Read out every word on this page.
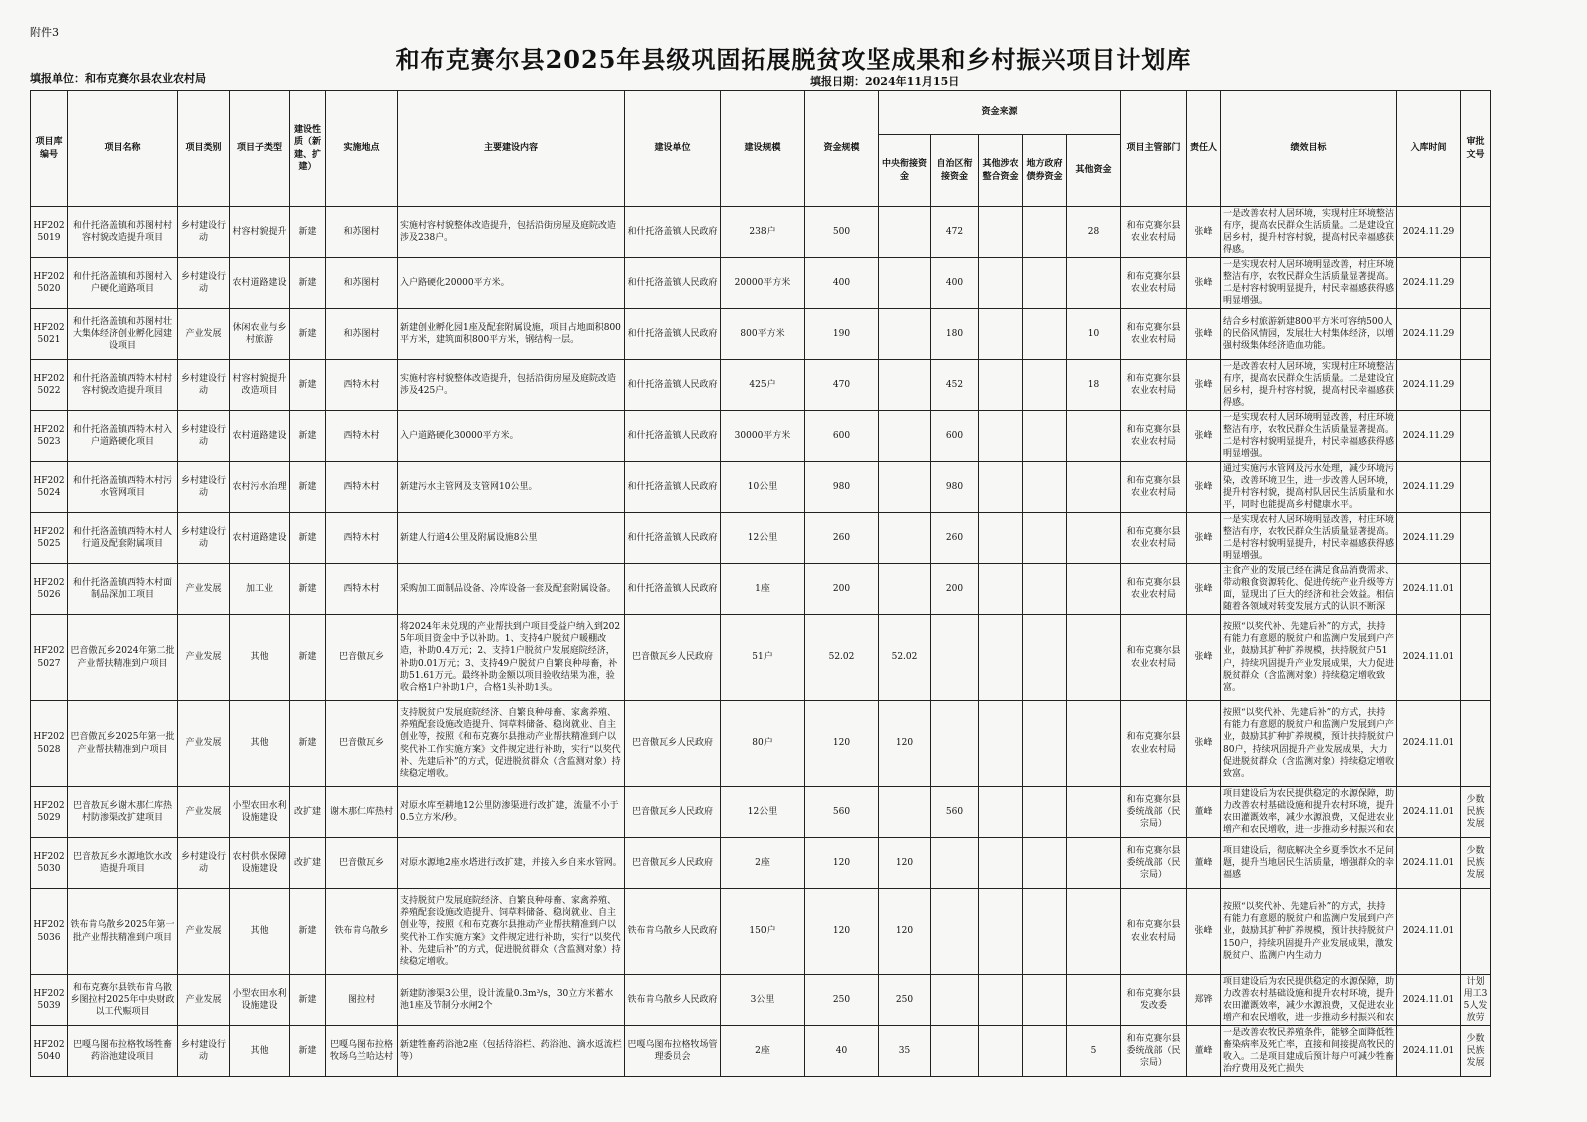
附件3
和布克赛尔县2025年县级巩固拓展脱贫攻坚成果和乡村振兴项目计划库
填报单位：和布克赛尔县农业农村局	填报日期：2024年11月15日
项目库编号	项目名称	项目类别	项目子类型	建设性质（新建、扩建）	实施地点	主要建设内容	建设单位	建设规模	资金规模	资金来源					项目主管部门	责任人	绩效目标	入库时间	审批文号
										中央衔接资金	自治区衔接资金	其他涉农整合资金	地方政府债券资金	其他资金					

HF2025019	和什托洛盖镇和苏图村村容村貌改造提升项目	乡村建设行动	村容村貌提升	新建	和苏图村	实施村容村貌整体改造提升，包括沿街房屋及庭院改造涉及238户。	和什托洛盖镇人民政府	238户	500		472			28	和布克赛尔县农业农村局	张峰	一是改善农村人居环境，实现村庄环境整洁有序，提高农民群众生活质量。二是建设宜居乡村，提升村容村貌，提高村民幸福感获得感。	2024.11.29	

HF2025020	和什托洛盖镇和苏图村入户硬化道路项目	乡村建设行动	农村道路建设	新建	和苏图村	入户路硬化20000平方米。	和什托洛盖镇人民政府	20000平方米	400		400				和布克赛尔县农业农村局	张峰	一是实现农村人居环境明显改善，村庄环境整洁有序，农牧民群众生活质量显著提高。二是村容村貌明显提升，村民幸福感获得感明显增强。	2024.11.29	

HF2025021	和什托洛盖镇和苏图村壮大集体经济创业孵化园建设项目	产业发展	休闲农业与乡村旅游	新建	和苏图村	新建创业孵化园1座及配套附属设施，项目占地面积800平方米，建筑面积800平方米，钢结构一层。	和什托洛盖镇人民政府	800平方米	190		180			10	和布克赛尔县农业农村局	张峰	结合乡村旅游新建800平方米可容纳500人的民俗风情园，发展壮大村集体经济，以增强村级集体经济造血功能。	2024.11.29	

HF2025022	和什托洛盖镇西特木村村容村貌改造提升项目	乡村建设行动	村容村貌提升改造项目	新建	西特木村	实施村容村貌整体改造提升，包括沿街房屋及庭院改造涉及425户。	和什托洛盖镇人民政府	425户	470		452			18	和布克赛尔县农业农村局	张峰	一是改善农村人居环境，实现村庄环境整洁有序，提高农民群众生活质量。二是建设宜居乡村，提升村容村貌，提高村民幸福感获得感。	2024.11.29	

HF2025023	和什托洛盖镇西特木村入户道路硬化项目	乡村建设行动	农村道路建设	新建	西特木村	入户道路硬化30000平方米。	和什托洛盖镇人民政府	30000平方米	600		600				和布克赛尔县农业农村局	张峰	一是实现农村人居环境明显改善，村庄环境整洁有序，农牧民群众生活质量显著提高。二是村容村貌明显提升，村民幸福感获得感明显增强。	2024.11.29	

HF2025024	和什托洛盖镇西特木村污水管网项目	乡村建设行动	农村污水治理	新建	西特木村	新建污水主管网及支管网10公里。	和什托洛盖镇人民政府	10公里	980		980				和布克赛尔县农业农村局	张峰	通过实施污水管网及污水处理，减少环境污染，改善环境卫生，进一步改善人居环境，提升村容村貌，提高村队居民生活质量和水平，同时也能提高乡村健康水平。	2024.11.29	

HF2025025	和什托洛盖镇西特木村人行道及配套附属项目	乡村建设行动	农村道路建设	新建	西特木村	新建人行道4公里及附属设施8公里	和什托洛盖镇人民政府	12公里	260		260				和布克赛尔县农业农村局	张峰	一是实现农村人居环境明显改善，村庄环境整洁有序，农牧民群众生活质量显著提高。二是村容村貌明显提升，村民幸福感获得感明显增强。	2024.11.29	

HF2025026	和什托洛盖镇西特木村面制品深加工项目	产业发展	加工业	新建	西特木村	采购加工面制品设备、冷库设备一套及配套附属设备。	和什托洛盖镇人民政府	1座	200		200				和布克赛尔县农业农村局	张峰	主食产业的发展已经在满足食品消费需求、带动粮食资源转化、促进传统产业升级等方面，显现出了巨大的经济和社会效益。相信随着各领域对转变发展方式的认识不断深	2024.11.01	

HF2025027	巴音傲瓦乡2024年第二批产业帮扶精准到户项目	产业发展	其他	新建	巴音傲瓦乡	将2024年未兑现的产业帮扶到户项目受益户纳入到2025年项目资金中予以补助。1、支持4户脱贫户暖棚改造，补助0.4万元；2、支持1户脱贫户发展庭院经济，补助0.01万元；3、支持49户脱贫户自繁良种母畜，补助51.61万元。最终补助金额以项目验收结果为准，验收合格1户补助1户，合格1头补助1头。	巴音傲瓦乡人民政府	51户	52.02	52.02					和布克赛尔县农业农村局	张峰	按照“以奖代补、先建后补”的方式，扶持有能力有意愿的脱贫户和监测户发展到户产业，鼓励其扩种扩养规模，扶持脱贫户51户，持续巩固提升产业发展成果，大力促进脱贫群众（含监测对象）持续稳定增收致富。	2024.11.01	

HF2025028	巴音傲瓦乡2025年第一批产业帮扶精准到户项目	产业发展	其他	新建	巴音傲瓦乡	支持脱贫户发展庭院经济、自繁良种母畜、家禽养殖、养殖配套设施改造提升、饲草料储备、稳岗就业、自主创业等，按照《和布克赛尔县推动产业帮扶精准到户以奖代补工作实施方案》文件规定进行补助，实行“以奖代补、先建后补”的方式，促进脱贫群众（含监测对象）持续稳定增收。	巴音傲瓦乡人民政府	80户	120	120					和布克赛尔县农业农村局	张峰	按照“以奖代补、先建后补”的方式，扶持有能力有意愿的脱贫户和监测户发展到户产业，鼓励其扩种扩养规模，预计扶持脱贫户80户，持续巩固提升产业发展成果，大力促进脱贫群众（含监测对象）持续稳定增收致富。	2024.11.01	

HF2025029	巴音敖瓦乡谢木那仁库热村防渗渠改扩建项目	产业发展	小型农田水利设施建设	改扩建	谢木那仁库热村	对原水库至耕地12公里防渗渠进行改扩建，流量不小于0.5立方米/秒。	巴音傲瓦乡人民政府	12公里	560		560				和布克赛尔县委统战部（民宗局）	董峰	项目建设后为农民提供稳定的水源保障，助力改善农村基础设施和提升农村环境，提升农田灌溉效率，减少水源浪费，又促进农业增产和农民增收，进一步推动乡村振兴和农	2024.11.01	少数民族发展

HF2025030	巴音敖瓦乡水源地饮水改造提升项目	乡村建设行动	农村供水保障设施建设	改扩建	巴音傲瓦乡	对原水源地2座水塔进行改扩建，并接入乡自来水管网。	巴音傲瓦乡人民政府	2座	120	120					和布克赛尔县委统战部（民宗局）	董峰	项目建设后，彻底解决全乡夏季饮水不足问题，提升当地居民生活质量，增强群众的幸福感	2024.11.01	少数民族发展

HF2025036	铁布肯乌散乡2025年第一批产业帮扶精准到户项目	产业发展	其他	新建	铁布肯乌散乡	支持脱贫户发展庭院经济、自繁良种母畜、家禽养殖、养殖配套设施改造提升、饲草料储备、稳岗就业、自主创业等，按照《和布克赛尔县推动产业帮扶精准到户以奖代补工作实施方案》文件规定进行补助，实行“以奖代补、先建后补”的方式，促进脱贫群众（含监测对象）持续稳定增收。	铁布肯乌散乡人民政府	150户	120	120					和布克赛尔县农业农村局	张峰	按照“以奖代补、先建后补”的方式，扶持有能力有意愿的脱贫户和监测户发展到户产业，鼓励其扩种扩养规模，预计扶持脱贫户150户，持续巩固提升产业发展成果，激发脱贫户、监测户内生动力	2024.11.01	

HF2025039	和布克赛尔县铁布肯乌散乡图拉村2025年中央财政以工代赈项目	产业发展	小型农田水利设施建设	新建	图拉村	新建防渗渠3公里，设计流量0.3m³/s，30立方米蓄水池1座及节制分水闸2个	铁布肯乌散乡人民政府	3公里	250	250					和布克赛尔县发改委	郑铧	项目建设后为农民提供稳定的水源保障，助力改善农村基础设施和提升农村环境，提升农田灌溉效率，减少水源浪费，又促进农业增产和农民增收，进一步推动乡村振兴和农	2024.11.01	计划用工35人发放劳

HF2025040	巴嘎乌图布拉格牧场牲畜药浴池建设项目	乡村建设行动	其他	新建	巴嘎乌图布拉格牧场乌兰哈达村	新建牲畜药浴池2座（包括待浴栏、药浴池、滴水返流栏等）	巴嘎乌图布拉格牧场管理委员会	2座	40	35				5	和布克赛尔县委统战部（民宗局）	董峰	一是改善农牧民养殖条件，能够全面降低牲畜染病率及死亡率，直接和间接提高牧民的收入。二是项目建成后预计每户可减少牲畜治疗费用及死亡损失	2024.11.01	少数民族发展
